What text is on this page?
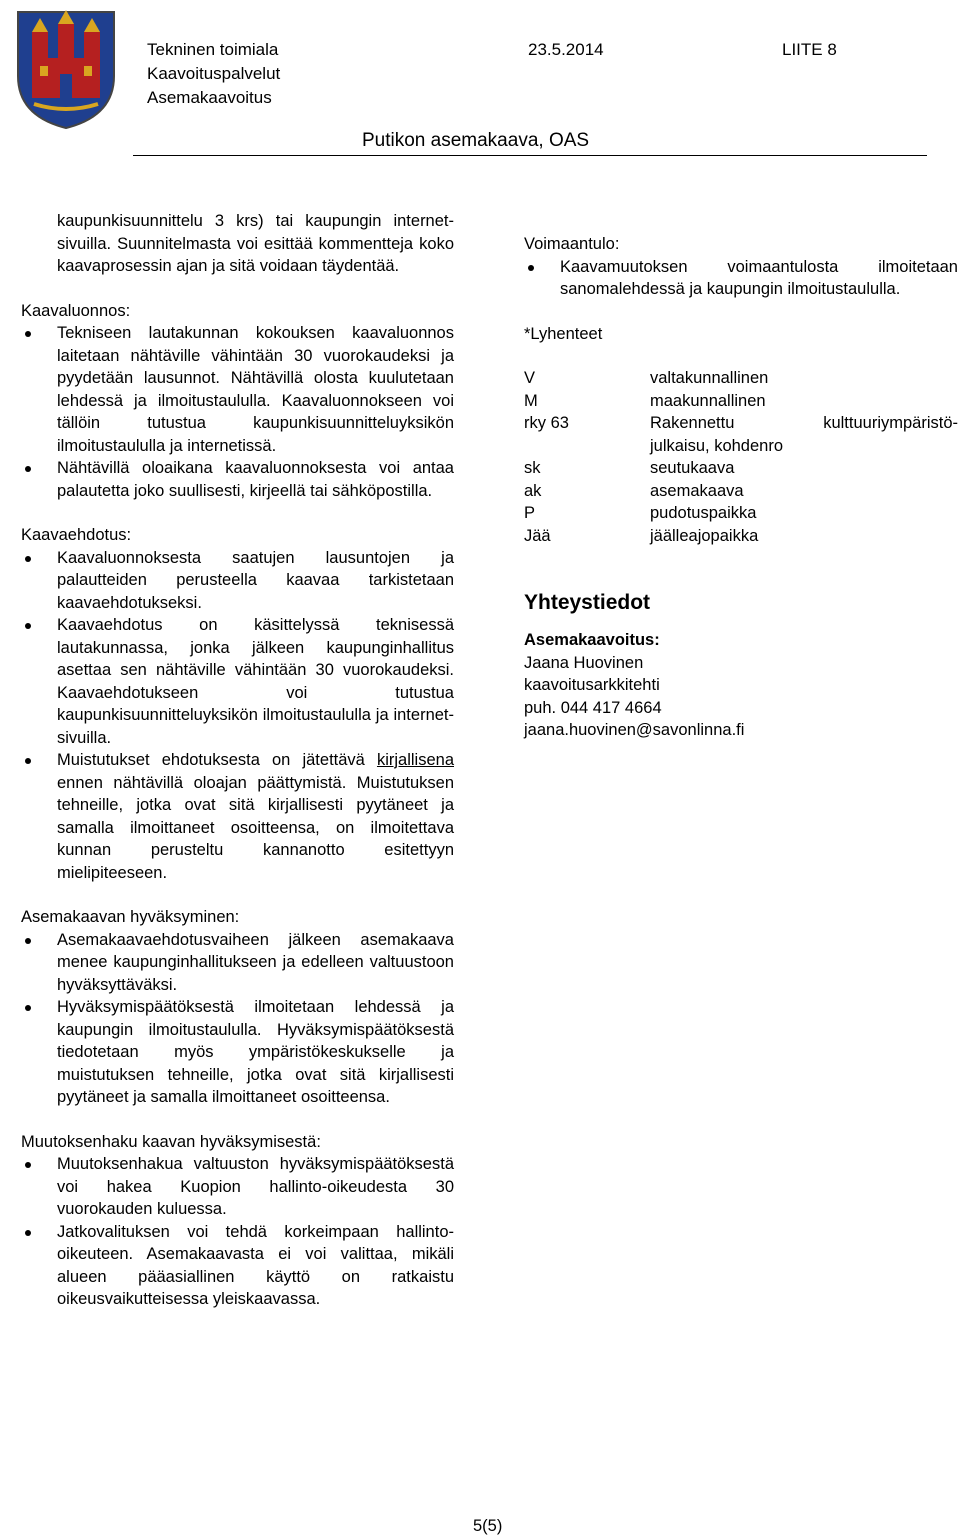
Tekninen toimiala
Kaavoituspalvelut
Asemakaavoitus
23.5.2014	LIITE 8
Putikon asemakaava, OAS
kaupunkisuunnittelu 3 krs) tai kaupungin internet-sivuilla. Suunnitelmasta voi esittää kommentteja koko kaavaprosessin ajan ja sitä voidaan täydentää.

Kaavaluonnos:

Tekniseen lautakunnan kokouksen kaavaluonnos laitetaan nähtäville vähintään 30 vuorokaudeksi ja pyydetään lausunnot. Nähtävillä olosta kuulutetaan lehdessä ja ilmoitustaululla. Kaavaluonnokseen voi tällöin tutustua kaupunkisuunnitteluyksikön ilmoitustaululla ja internetissä.
Nähtävillä oloaikana kaavaluonnoksesta voi antaa palautetta joko suullisesti, kirjeellä tai sähköpostilla.

Kaavaehdotus:

Kaavaluonnoksesta saatujen lausuntojen ja palautteiden perusteella kaavaa tarkistetaan kaavaehdotukseksi.
Kaavaehdotus on käsittelyssä teknisessä lautakunnassa, jonka jälkeen kaupunginhallitus asettaa sen nähtäville vähintään 30 vuorokaudeksi. Kaavaehdotukseen voi tutustua kaupunkisuunnitteluyksikön ilmoitustaululla ja internet-sivuilla.
Muistutukset ehdotuksesta on jätettävä kirjallisena ennen nähtävillä oloajan päättymistä. Muistutuksen tehneille, jotka ovat sitä kirjallisesti pyytäneet ja samalla ilmoittaneet osoitteensa, on ilmoitettava kunnan perusteltu kannanotto esitettyyn mielipiteeseen.

Asemakaavan hyväksyminen:

Asemakaavaehdotusvaiheen jälkeen asemakaava menee kaupunginhallitukseen ja edelleen valtuustoon hyväksyttäväksi.
Hyväksymispäätöksestä ilmoitetaan lehdessä ja kaupungin ilmoitustaululla. Hyväksymispäätöksestä tiedotetaan myös ympäristökeskukselle ja muistutuksen tehneille, jotka ovat sitä kirjallisesti pyytäneet ja samalla ilmoittaneet osoitteensa.

Muutoksenhaku kaavan hyväksymisestä:

Muutoksenhakua valtuuston hyväksymispäätöksestä voi hakea Kuopion hallinto-oikeudesta 30 vuorokauden kuluessa.
Jatkovalituksen voi tehdä korkeimpaan hallinto-oikeuteen. Asemakaavasta ei voi valittaa, mikäli alueen pääasiallinen käyttö on ratkaistu oikeusvaikutteisessa yleiskaavassa.

Voimaantulo:

Kaavamuutoksen voimaantulosta ilmoitetaan sanomalehdessä ja kaupungin ilmoitustaululla.

*Lyhenteet

V	valtakunnallinen
M	maakunnallinen
rky 63	Rakennettu kulttuuriympäristö-
julkaisu, kohdenro
sk	seutukaava
ak	asemakaava
P	pudotuspaikka
Jää	jäälleajopaikka

Yhteystiedot

Asemakaavoitus:

Jaana Huovinen
kaavoitusarkkitehti
puh. 044 417 4664
jaana.huovinen@savonlinna.fi
5(5)
